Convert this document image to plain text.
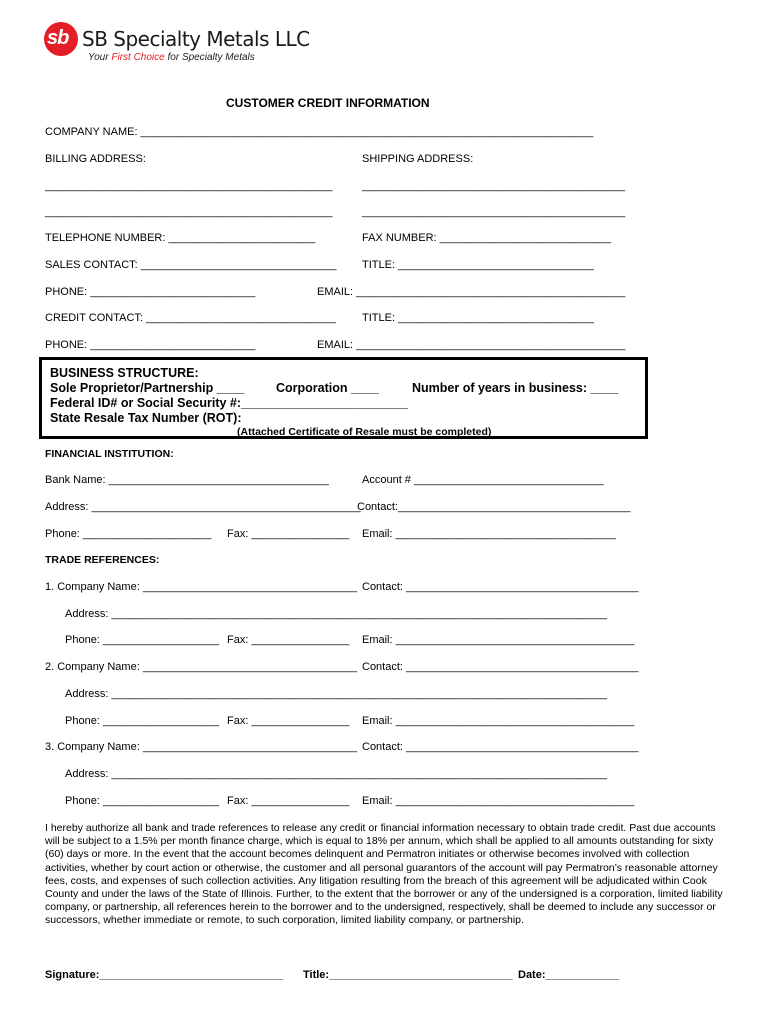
sb SB Specialty Metals LLC
Your First Choice for Specialty Metals
CUSTOMER CREDIT INFORMATION
COMPANY NAME: __________________________________________________________________________
BILLING ADDRESS:	SHIPPING ADDRESS:
_______________________________________________	___________________________________________
_______________________________________________	___________________________________________
TELEPHONE NUMBER: ________________________	FAX NUMBER: ____________________________
SALES CONTACT: ________________________________ TITLE: ________________________________
PHONE: ___________________________	EMAIL: ____________________________________________
CREDIT CONTACT: _______________________________ TITLE: ________________________________
PHONE: ___________________________	EMAIL: ____________________________________________
BUSINESS STRUCTURE:
Sole Proprietor/Partnership ____	Corporation ____	Number of years in business: ____
Federal ID# or Social Security #:________________________
State Resale Tax Number (ROT):
(Attached Certificate of Resale must be completed)
FINANCIAL INSTITUTION:
Bank Name: ____________________________________	Account # _______________________________
Address: ____________________________________________
Contact:______________________________________
Phone: _____________________ Fax: ________________ Email: ____________________________________
TRADE REFERENCES:
1. Company Name: ___________________________________ Contact: ______________________________________
Address: _________________________________________________________________________________
Phone: ___________________ Fax: ________________ Email: _______________________________________
2. Company Name: ___________________________________ Contact: ______________________________________
Address: _________________________________________________________________________________
Phone: ___________________ Fax: ________________ Email: _______________________________________
3. Company Name: ___________________________________ Contact: ______________________________________
Address: _________________________________________________________________________________
Phone: ___________________ Fax: ________________ Email: _______________________________________
I hereby authorize all bank and trade references to release any credit or financial information necessary to obtain trade credit. Past due accounts will be subject to a 1.5% per month finance charge, which is equal to 18% per annum, which shall be applied to all amounts outstanding for sixty (60) days or more. In the event that the account becomes delinquent and Permatron initiates or otherwise becomes involved with collection activities, whether by court action or otherwise, the customer and all personal guarantors of the account will pay Permatron’s reasonable attorney fees, costs, and expenses of such collection activities. Any litigation resulting from the breach of this agreement will be adjudicated within Cook County and under the laws of the State of Illinois. Further, to the extent that the borrower or any of the undersigned is a corporation, limited liability company, or partnership, all references herein to the borrower and to the undersigned, respectively, shall be deemed to include any successor or successors, whether immediate or remote, to such corporation, limited liability company, or partnership.
Signature:______________________________ Title:______________________________ Date:____________
